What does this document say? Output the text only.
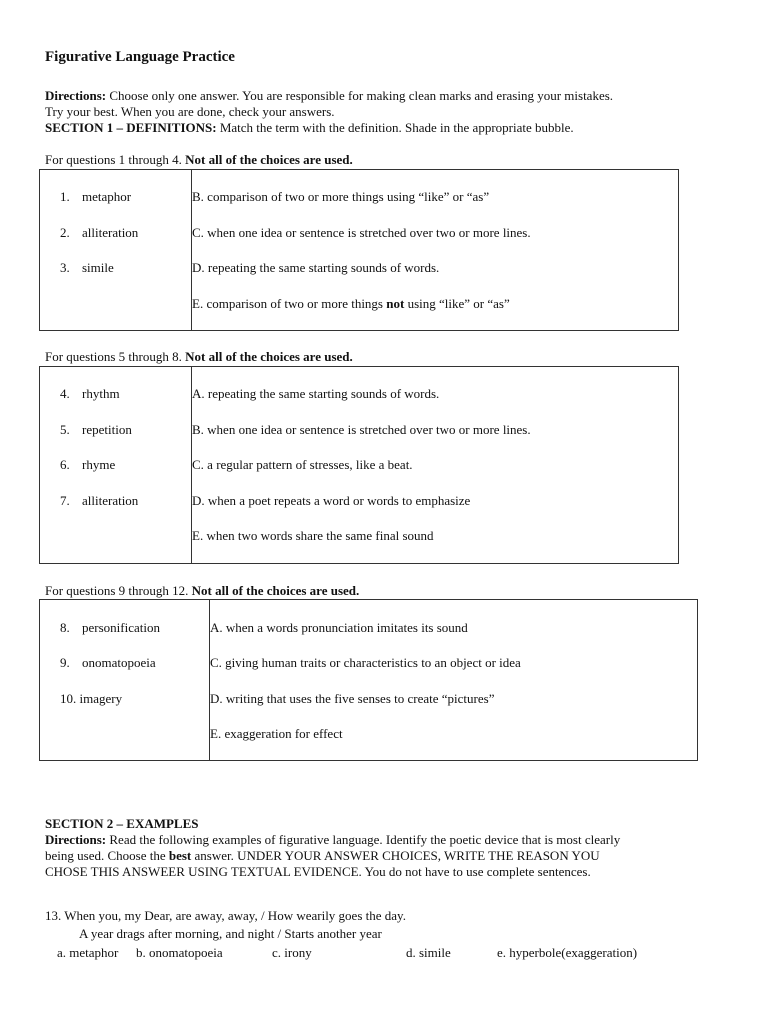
Figurative Language Practice
Directions: Choose only one answer. You are responsible for making clean marks and erasing your mistakes.
Try your best. When you are done, check your answers.
SECTION 1 – DEFINITIONS: Match the term with the definition. Shade in the appropriate bubble.
For questions 1 through 4. Not all of the choices are used.
1. metaphor
2. alliteration
3. simile
B. comparison of two or more things using “like” or “as”
C. when one idea or sentence is stretched over two or more lines.
D. repeating the same starting sounds of words.
E. comparison of two or more things not using “like” or “as”
For questions 5 through 8. Not all of the choices are used.
4. rhythm
5. repetition
6. rhyme
7. alliteration
A. repeating the same starting sounds of words.
B. when one idea or sentence is stretched over two or more lines.
C. a regular pattern of stresses, like a beat.
D. when a poet repeats a word or words to emphasize
E. when two words share the same final sound
For questions 9 through 12. Not all of the choices are used.
8. personification
9. onomatopoeia
10. imagery
A. when a words pronunciation imitates its sound
C. giving human traits or characteristics to an object or idea
D. writing that uses the five senses to create “pictures”
E. exaggeration for effect
SECTION 2 – EXAMPLES
Directions: Read the following examples of figurative language. Identify the poetic device that is most clearly
being used. Choose the best answer. UNDER YOUR ANSWER CHOICES, WRITE THE REASON YOU
CHOSE THIS ANSWEER USING TEXTUAL EVIDENCE. You do not have to use complete sentences.
13. When you, my Dear, are away, away, / How wearily goes the day.
A year drags after morning, and night / Starts another year
a. metaphor b. onomatopoeia	c. irony	d. simile	e. hyperbole(exaggeration)
